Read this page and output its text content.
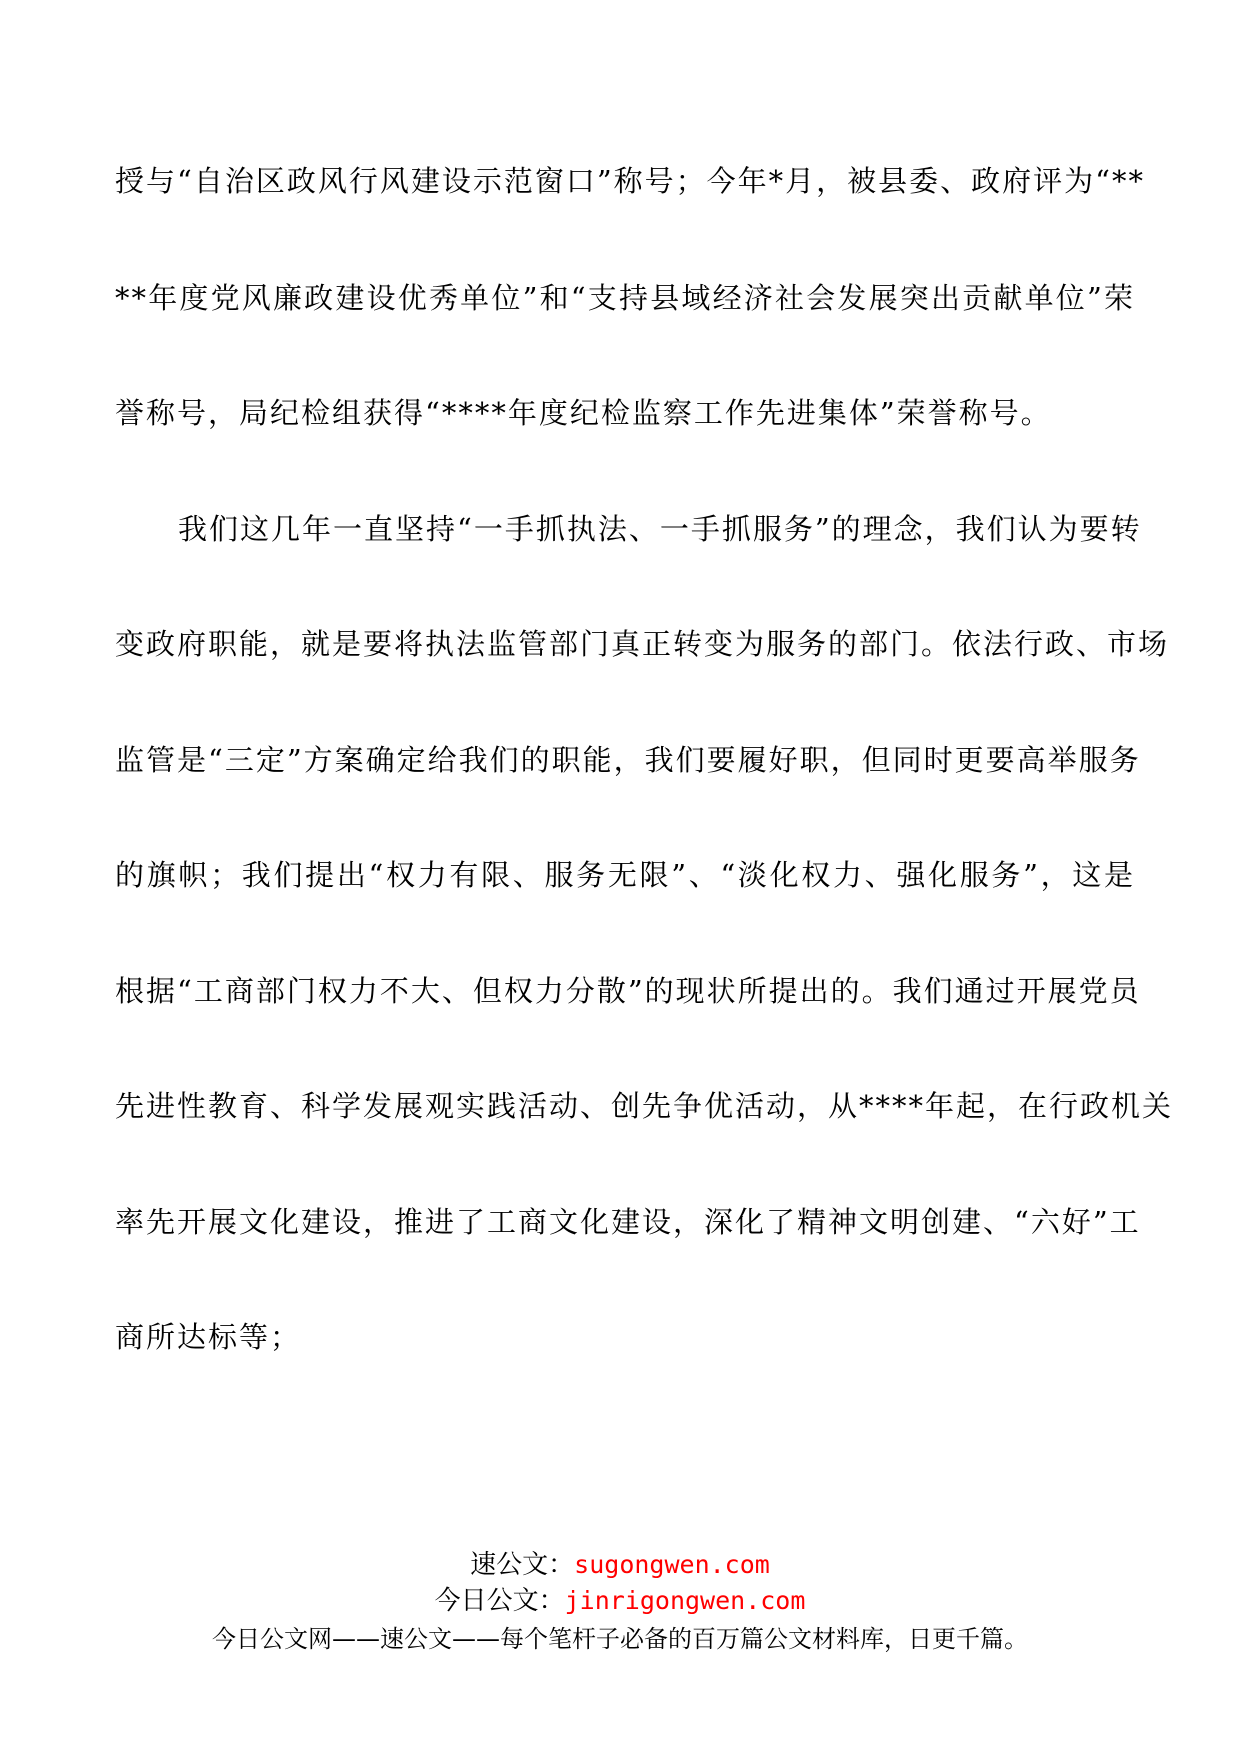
授与“自治区政风行风建设示范窗口”称号；今年*月，被县委、政府评为“**
**年度党风廉政建设优秀单位”和“支持县域经济社会发展突出贡献单位”荣
誉称号，局纪检组获得“****年度纪检监察工作先进集体”荣誉称号。
我们这几年一直坚持“一手抓执法、一手抓服务”的理念，我们认为要转
变政府职能，就是要将执法监管部门真正转变为服务的部门。依法行政、市场
监管是“三定”方案确定给我们的职能，我们要履好职，但同时更要高举服务
的旗帜；我们提出“权力有限、服务无限”、“淡化权力、强化服务”，这是
根据“工商部门权力不大、但权力分散”的现状所提出的。我们通过开展党员
先进性教育、科学发展观实践活动、创先争优活动，从****年起，在行政机关
率先开展文化建设，推进了工商文化建设，深化了精神文明创建、“六好”工
商所达标等；
速公文：sugongwen.com
今日公文：jinrigongwen.com
今日公文网——速公文——每个笔杆子必备的百万篇公文材料库，日更千篇。
